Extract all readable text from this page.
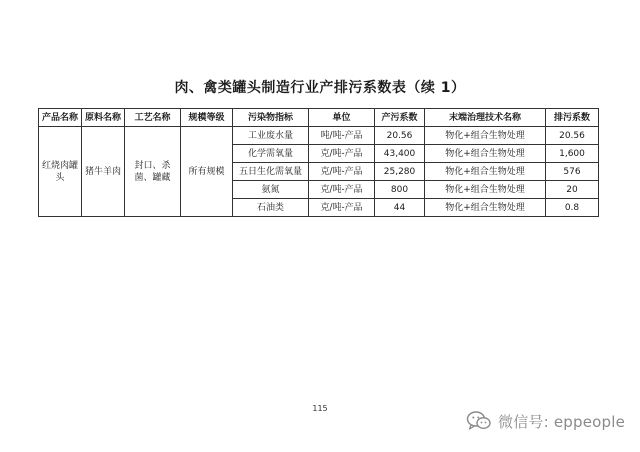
肉、禽类罐头制造行业产排污系数表（续 1）
产品名称	原料名称	工艺名称	规模等级	污染物指标	单位	产污系数	末端治理技术名称	排污系数
红烧肉罐头	猪牛羊肉	封口、杀菌、罐藏	所有规模	工业废水量	吨/吨-产品	20.56	物化+组合生物处理	20.56
				化学需氧量	克/吨-产品	43,400	物化+组合生物处理	1,600
				五日生化需氧量	克/吨-产品	25,280	物化+组合生物处理	576
				氨氮	克/吨-产品	800	物化+组合生物处理	20
				石油类	克/吨-产品	44	物化+组合生物处理	0.8
115
微信号: eppeople
